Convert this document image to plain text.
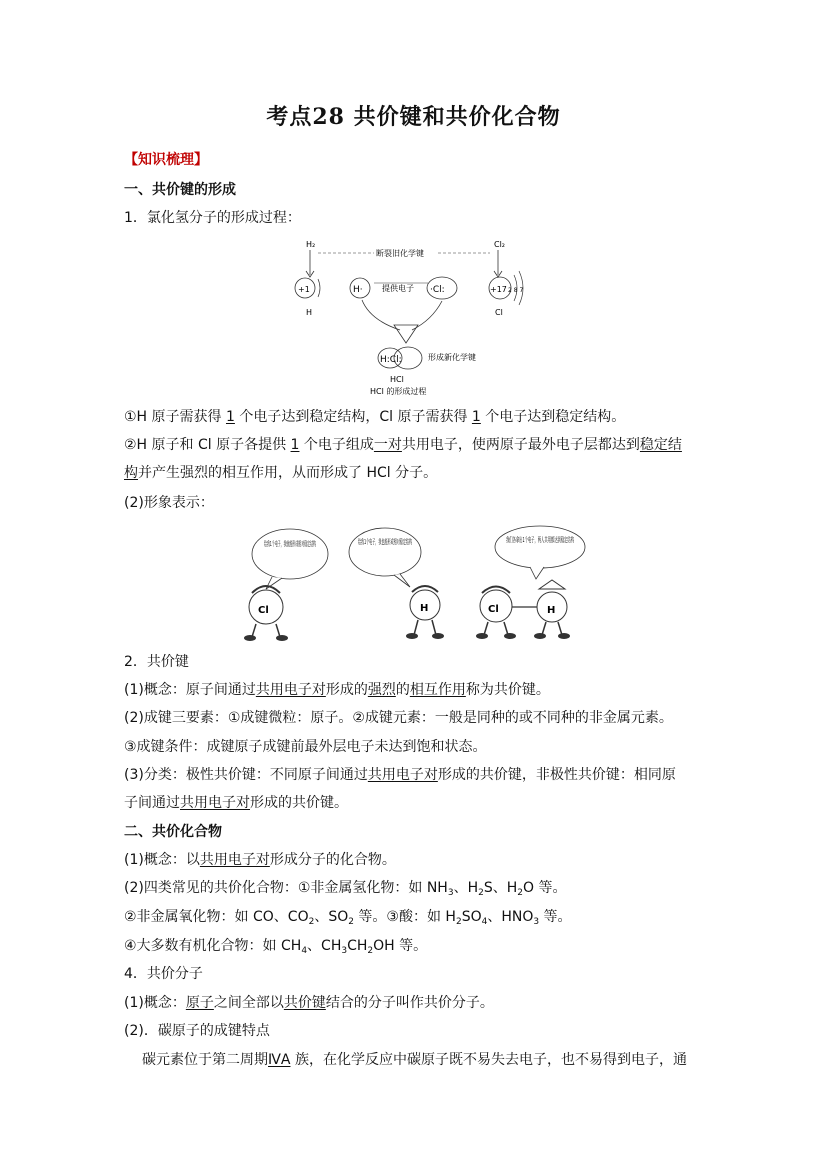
考点28 共价键和共价化合物
【知识梳理】
一、共价键的形成
1．氯化氢分子的形成过程：
H₂	Cl₂
断裂旧化学键
+1
H
H· 提供电子 ·Cl:	+17 2 8 7
Cl
H:Cl:	形成新化学键
HCl
HCl 的形成过程
①H 原子需获得 1 个电子达到稳定结构，Cl 原子需获得 1 个电子达到稳定结构。
②H 原子和 Cl 原子各提供 1 个电子组成一对共用电子，使两原子最外电子层都达到稳定结
构并产生强烈的相互作用，从而形成了 HCl 分子。
(2)形象表示：
给我1个电子，我就能形成相对稳定结构
给我1个电子，我也能形成相对稳定结构
Cl	H	Cl	H
2．共价键
(1)概念：原子间通过共用电子对形成的强烈的相互作用称为共价键。
(2)成键三要素：①成键微粒：原子。②成键元素：一般是同种的或不同种的非金属元素。
③成键条件：成键原子成键前最外层电子未达到饱和状态。
(3)分类：极性共价键：不同原子间通过共用电子对形成的共价键，非极性共价键：相同原
子间通过共用电子对形成的共价键。
二、共价化合物
(1)概念：以共用电子对形成分子的化合物。
(2)四类常见的共价化合物：①非金属氢化物：如 $NH_3$、$H_2S$、$H_2O$ 等。
②非金属氧化物：如 CO、$CO_2$、$SO_2$ 等。③酸：如 $H_2SO_4$、$HNO_3$ 等。
④大多数有机化合物：如 $CH_4$、$CH_3CH_2OH$ 等。
4．共价分子
(1)概念：原子之间全部以共价键结合的分子叫作共价分子。
(2)．碳原子的成键特点
碳元素位于第二周期ⅣA 族，在化学反应中碳原子既不易失去电子，也不易得到电子，通
